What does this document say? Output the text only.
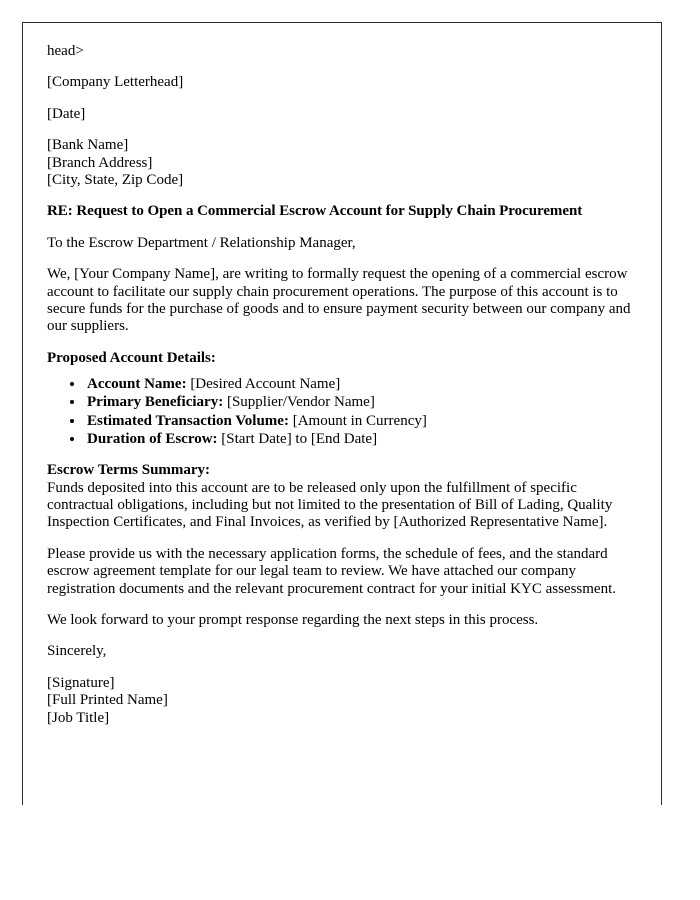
head>

[Company Letterhead]

[Date]

[Bank Name]

[Branch Address]

[City, State, Zip Code]

RE: Request to Open a Commercial Escrow Account for Supply Chain Procurement

To the Escrow Department / Relationship Manager,

We, [Your Company Name], are writing to formally request the opening of a commercial escrow account to facilitate our supply chain procurement operations. The purpose of this account is to secure funds for the purchase of goods and to ensure payment security between our company and our suppliers.

Proposed Account Details:

• Account Name: [Desired Account Name]
• Primary Beneficiary: [Supplier/Vendor Name]
• Estimated Transaction Volume: [Amount in Currency]
• Duration of Escrow: [Start Date] to [End Date]

Escrow Terms Summary:

Funds deposited into this account are to be released only upon the fulfillment of specific contractual obligations, including but not limited to the presentation of Bill of Lading, Quality Inspection Certificates, and Final Invoices, as verified by [Authorized Representative Name].

Please provide us with the necessary application forms, the schedule of fees, and the standard escrow agreement template for our legal team to review. We have attached our company registration documents and the relevant procurement contract for your initial KYC assessment.

We look forward to your prompt response regarding the next steps in this process.

Sincerely,

[Signature]

[Full Printed Name]

[Job Title]
